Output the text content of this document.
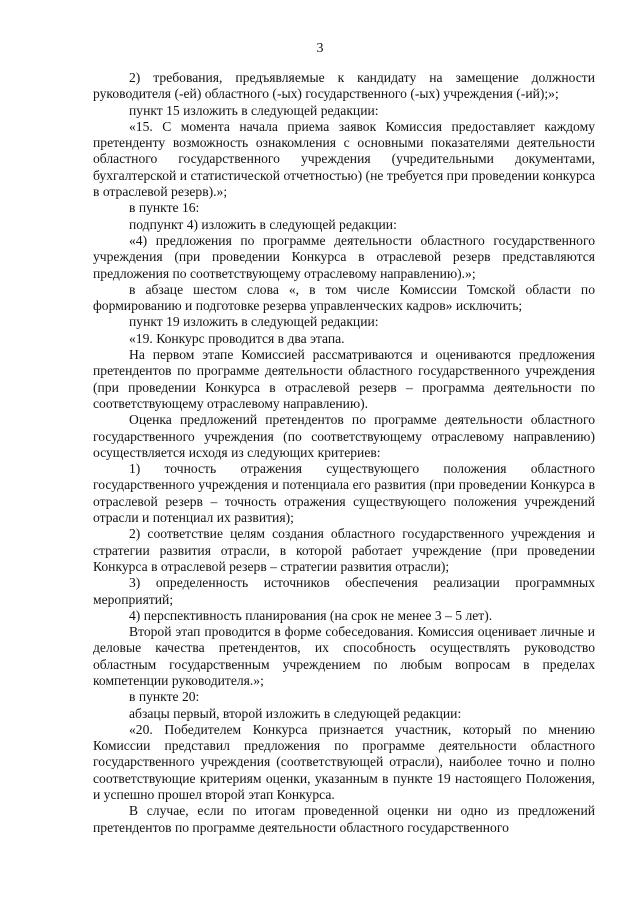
3

2) требования, предъявляемые к кандидату на замещение должности руководителя (-ей) областного (-ых) государственного (-ых) учреждения (-ий);»;

пункт 15 изложить в следующей редакции:

«15. С момента начала приема заявок Комиссия предоставляет каждому претенденту возможность ознакомления с основными показателями деятельности областного государственного учреждения (учредительными документами, бухгалтерской и статистической отчетностью) (не требуется при проведении конкурса в отраслевой резерв).»;

в пункте 16:

подпункт 4) изложить в следующей редакции:

«4) предложения по программе деятельности областного государственного учреждения (при проведении Конкурса в отраслевой резерв представляются предложения по соответствующему отраслевому направлению).»;

в абзаце шестом слова «, в том числе Комиссии Томской области по формированию и подготовке резерва управленческих кадров» исключить;

пункт 19 изложить в следующей редакции:

«19. Конкурс проводится в два этапа.

На первом этапе Комиссией рассматриваются и оцениваются предложения претендентов по программе деятельности областного государственного учреждения (при проведении Конкурса в отраслевой резерв – программа деятельности по соответствующему отраслевому направлению).

Оценка предложений претендентов по программе деятельности областного государственного учреждения (по соответствующему отраслевому направлению) осуществляется исходя из следующих критериев:

1) точность отражения существующего положения областного государственного учреждения и потенциала его развития (при проведении Конкурса в отраслевой резерв – точность отражения существующего положения учреждений отрасли и потенциал их развития);

2) соответствие целям создания областного государственного учреждения и стратегии развития отрасли, в которой работает учреждение (при проведении Конкурса в отраслевой резерв – стратегии развития отрасли);

3) определенность источников обеспечения реализации программных мероприятий;

4) перспективность планирования (на срок не менее 3 – 5 лет).

Второй этап проводится в форме собеседования. Комиссия оценивает личные и деловые качества претендентов, их способность осуществлять руководство областным государственным учреждением по любым вопросам в пределах компетенции руководителя.»;

в пункте 20:

абзацы первый, второй изложить в следующей редакции:

«20. Победителем Конкурса признается участник, который по мнению Комиссии представил предложения по программе деятельности областного государственного учреждения (соответствующей отрасли), наиболее точно и полно соответствующие критериям оценки, указанным в пункте 19 настоящего Положения, и успешно прошел второй этап Конкурса.

В случае, если по итогам проведенной оценки ни одно из предложений претендентов по программе деятельности областного государственного
